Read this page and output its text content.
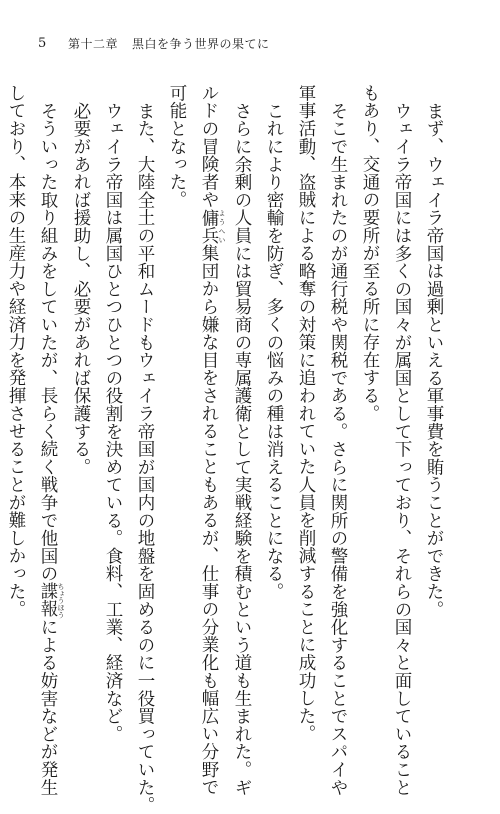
5	第十二章 黒白を争う世界の果てに
まず、ウェイラ帝国は過剰といえる軍事費を賄うことができた。
ウェイラ帝国には多くの国々が属国として下っており、それらの国々と面していること
もあり、交通の要所が至る所に存在する。
そこで生まれたのが通行税や関税である。さらに関所の警備を強化することでスパイや
軍事活動、盗賊による略奪の対策に追われていた人員を削減することに成功した。
これにより密輸を防ぎ、多くの悩みの種は消えることになる。
さらに余剰の人員には貿易商の専属護衛として実戦経験を積むという道も生まれた。ギ
ルドの冒険者や傭兵 ようへい集団から嫌な目をされることもあるが、仕事の分業化も幅広い分野で
可能となった。
また、大陸全土の平和ムードもウェイラ帝国が国内の地盤を固めるのに一役買っていた。
ウェイラ帝国は属国ひとつひとつの役割を決めている。食料、工業、経済など。
必要があれば援助し、必要があれば保護する。
そういった取り組みをしていたが、長らく続く戦争で他国の諜報 ちょうほうによる妨害などが発生
しており、本来の生産力や経済力を発揮させることが難しかった。
